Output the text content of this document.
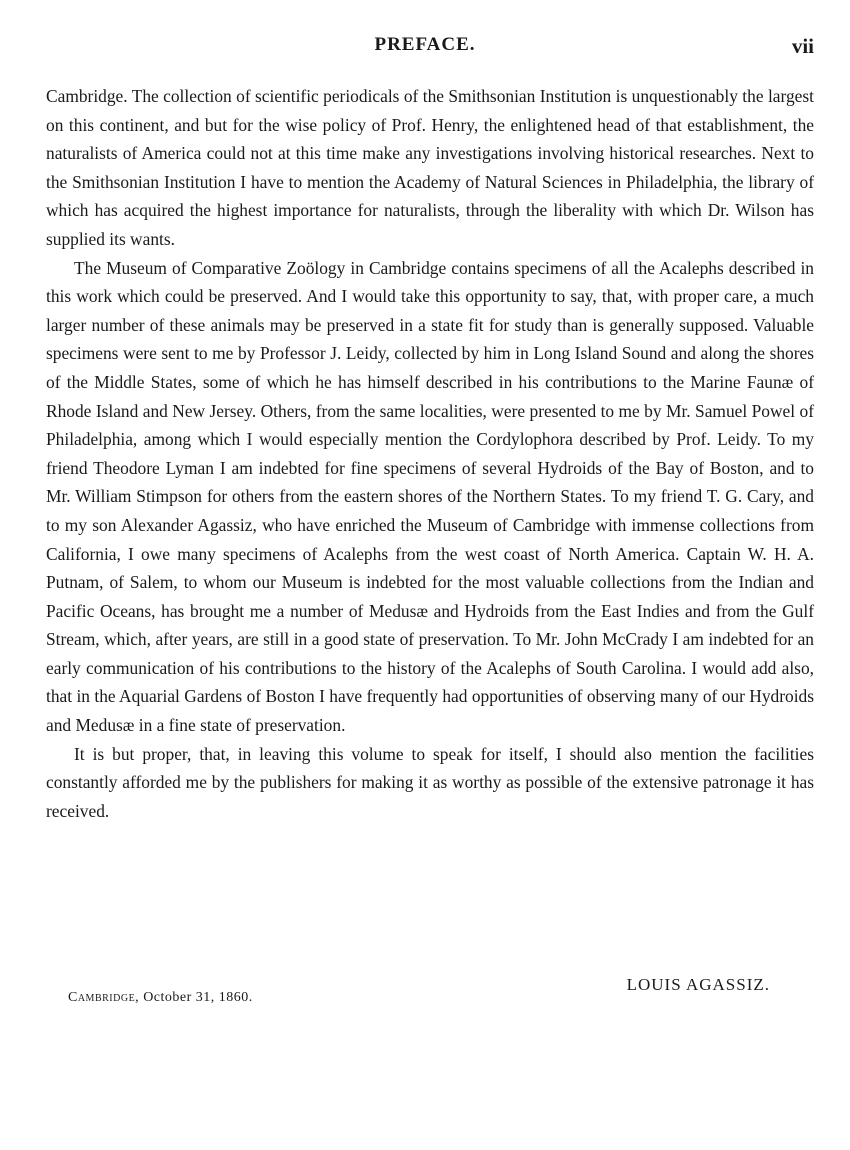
PREFACE.	vii

Cambridge. The collection of scientific periodicals of the Smithsonian Institution is unquestionably the largest on this continent, and but for the wise policy of Prof. Henry, the enlightened head of that establishment, the naturalists of America could not at this time make any investigations involving historical researches. Next to the Smithsonian Institution I have to mention the Academy of Natural Sciences in Philadelphia, the library of which has acquired the highest importance for naturalists, through the liberality with which Dr. Wilson has supplied its wants.

The Museum of Comparative Zoölogy in Cambridge contains specimens of all the Acalephs described in this work which could be preserved. And I would take this opportunity to say, that, with proper care, a much larger number of these animals may be preserved in a state fit for study than is generally supposed. Valuable specimens were sent to me by Professor J. Leidy, collected by him in Long Island Sound and along the shores of the Middle States, some of which he has himself described in his contributions to the Marine Faunæ of Rhode Island and New Jersey. Others, from the same localities, were presented to me by Mr. Samuel Powel of Philadelphia, among which I would especially mention the Cordylophora described by Prof. Leidy. To my friend Theodore Lyman I am indebted for fine specimens of several Hydroids of the Bay of Boston, and to Mr. William Stimpson for others from the eastern shores of the Northern States. To my friend T. G. Cary, and to my son Alexander Agassiz, who have enriched the Museum of Cambridge with immense collections from California, I owe many specimens of Acalephs from the west coast of North America. Captain W. H. A. Putnam, of Salem, to whom our Museum is indebted for the most valuable collections from the Indian and Pacific Oceans, has brought me a number of Medusæ and Hydroids from the East Indies and from the Gulf Stream, which, after years, are still in a good state of preservation. To Mr. John McCrady I am indebted for an early communication of his contributions to the history of the Acalephs of South Carolina. I would add also, that in the Aquarial Gardens of Boston I have frequently had opportunities of observing many of our Hydroids and Medusæ in a fine state of preservation.

It is but proper, that, in leaving this volume to speak for itself, I should also mention the facilities constantly afforded me by the publishers for making it as worthy as possible of the extensive patronage it has received.

LOUIS AGASSIZ.
Cambridge, October 31, 1860.
